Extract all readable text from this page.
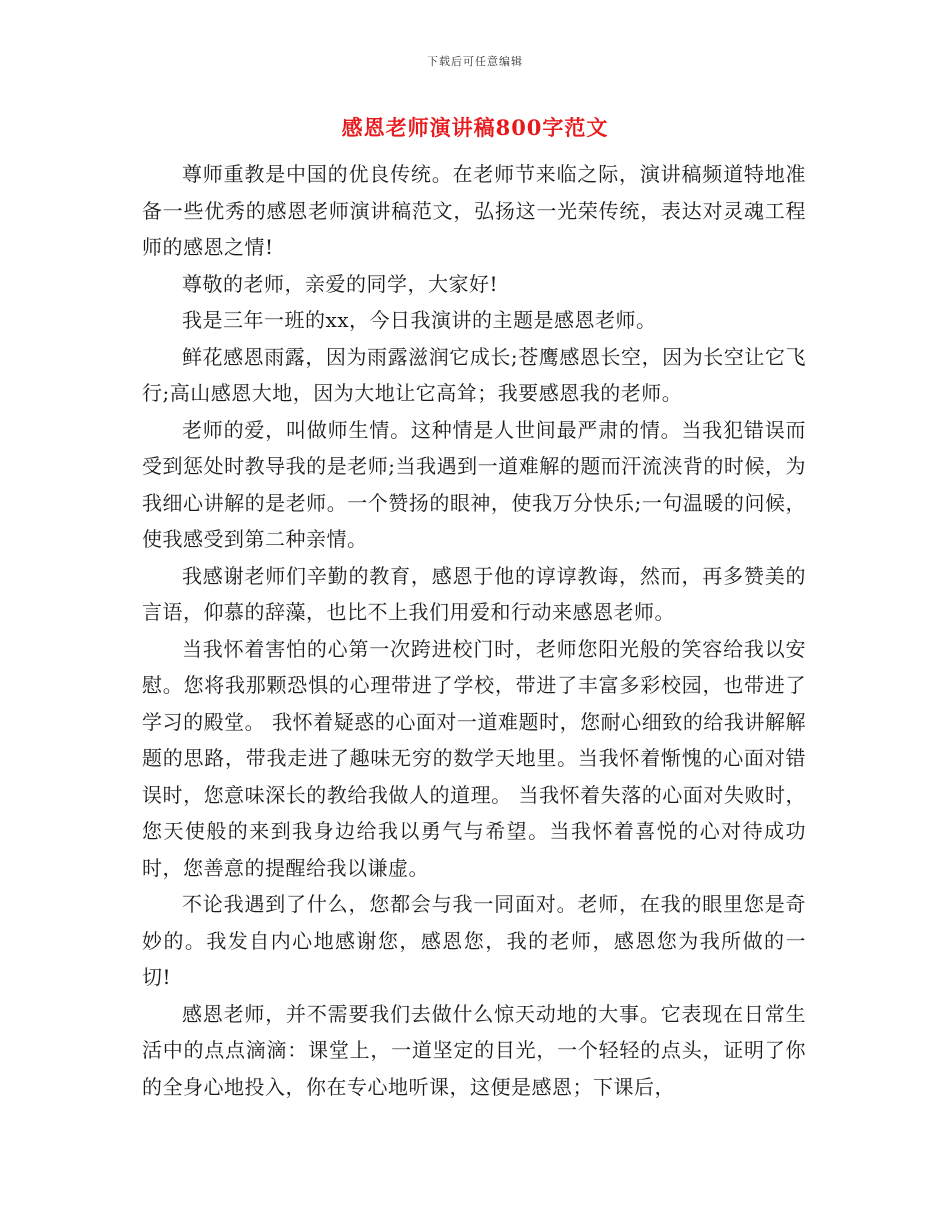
下载后可任意编辑
感恩老师演讲稿800字范文

尊师重教是中国的优良传统。在老师节来临之际，演讲稿频道特地准备一些优秀的感恩老师演讲稿范文，弘扬这一光荣传统，表达对灵魂工程师的感恩之情!

尊敬的老师，亲爱的同学，大家好!

我是三年一班的xx，今日我演讲的主题是感恩老师。

鲜花感恩雨露，因为雨露滋润它成长;苍鹰感恩长空，因为长空让它飞行;高山感恩大地，因为大地让它高耸；我要感恩我的老师。

老师的爱，叫做师生情。这种情是人世间最严肃的情。当我犯错误而受到惩处时教导我的是老师;当我遇到一道难解的题而汗流浃背的时候，为我细心讲解的是老师。一个赞扬的眼神，使我万分快乐;一句温暖的问候，使我感受到第二种亲情。

我感谢老师们辛勤的教育，感恩于他的谆谆教诲，然而，再多赞美的言语，仰慕的辞藻，也比不上我们用爱和行动来感恩老师。

当我怀着害怕的心第一次跨进校门时，老师您阳光般的笑容给我以安慰。您将我那颗恐惧的心理带进了学校，带进了丰富多彩校园，也带进了学习的殿堂。 我怀着疑惑的心面对一道难题时，您耐心细致的给我讲解解题的思路，带我走进了趣味无穷的数学天地里。当我怀着惭愧的心面对错误时，您意味深长的教给我做人的道理。 当我怀着失落的心面对失败时，您天使般的来到我身边给我以勇气与希望。当我怀着喜悦的心对待成功时，您善意的提醒给我以谦虚。

不论我遇到了什么，您都会与我一同面对。老师，在我的眼里您是奇妙的。我发自内心地感谢您，感恩您，我的老师，感恩您为我所做的一切!

感恩老师，并不需要我们去做什么惊天动地的大事。它表现在日常生活中的点点滴滴：课堂上，一道坚定的目光，一个轻轻的点头，证明了你的全身心地投入，你在专心地听课，这便是感恩；下课后，
